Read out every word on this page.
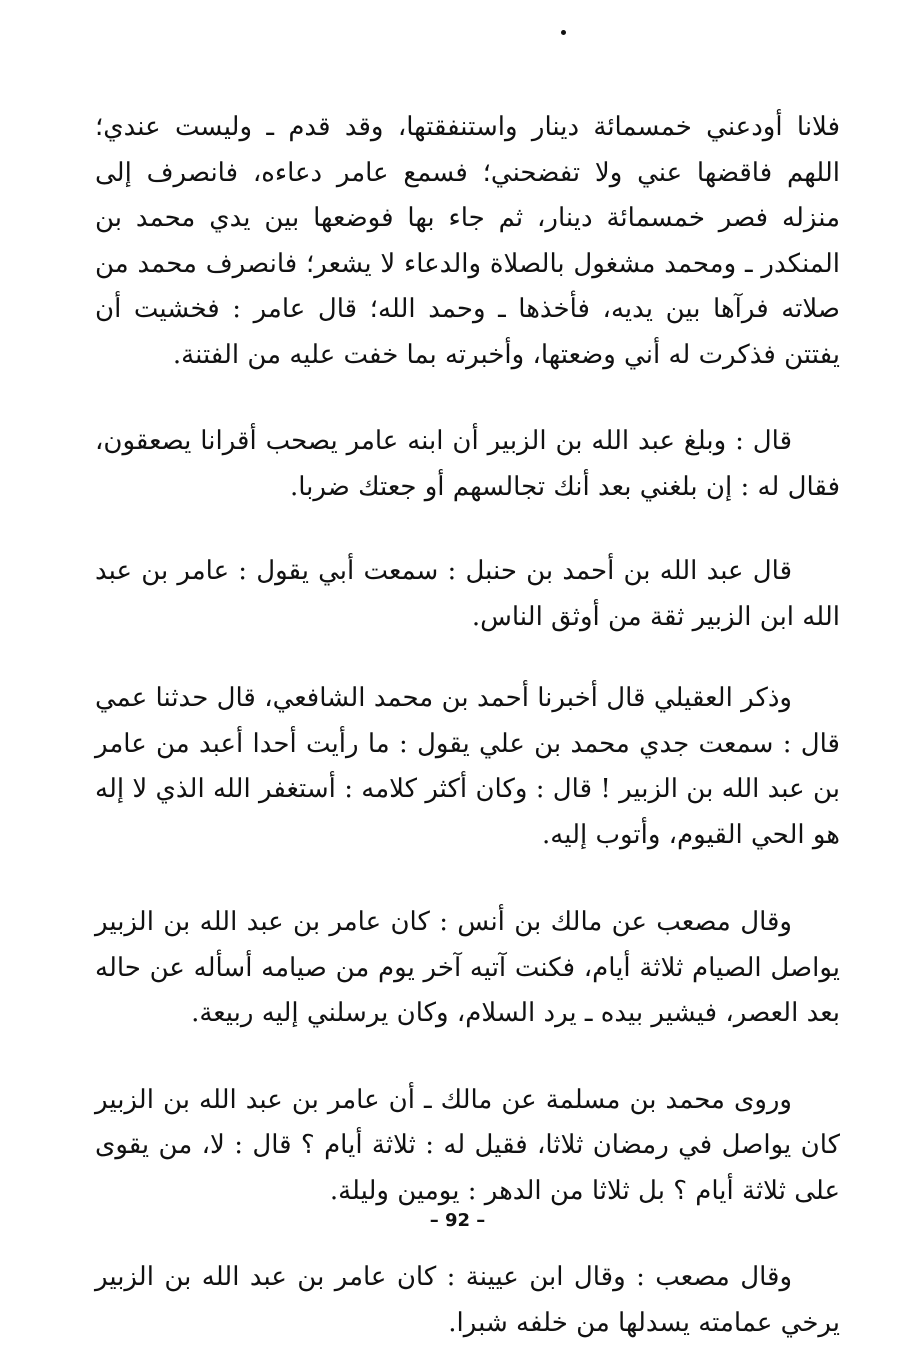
فلانا أودعني خمسمائة دينار واستنفقتها، وقد قدم ـ وليست عندي؛ اللهم فاقضها عني ولا تفضحني؛ فسمع عامر دعاءه، فانصرف إلى منزله فصر خمسمائة دينار، ثم جاء بها فوضعها بين يدي محمد بن المنكدر ـ ومحمد مشغول بالصلاة والدعاء لا يشعر؛ فانصرف محمد من صلاته فرآها بين يديه، فأخذها ـ وحمد الله؛ قال عامر : فخشيت أن يفتتن فذكرت له أني وضعتها، وأخبرته بما خفت عليه من الفتنة.

قال : وبلغ عبد الله بن الزبير أن ابنه عامر يصحب أقرانا يصعقون، فقال له : إن بلغني بعد أنك تجالسهم أو جعتك ضربا.

قال عبد الله بن أحمد بن حنبل : سمعت أبي يقول : عامر بن عبد الله ابن الزبير ثقة من أوثق الناس.

وذكر العقيلي قال أخبرنا أحمد بن محمد الشافعي، قال حدثنا عمي قال : سمعت جدي محمد بن علي يقول : ما رأيت أحدا أعبد من عامر بن عبد الله بن الزبير ! قال : وكان أكثر كلامه : أستغفر الله الذي لا إله هو الحي القيوم، وأتوب إليه.

وقال مصعب عن مالك بن أنس : كان عامر بن عبد الله بن الزبير يواصل الصيام ثلاثة أيام، فكنت آتيه آخر يوم من صيامه أسأله عن حاله بعد العصر، فيشير بيده ـ يرد السلام، وكان يرسلني إليه ربيعة.

وروى محمد بن مسلمة عن مالك ـ أن عامر بن عبد الله بن الزبير كان يواصل في رمضان ثلاثا، فقيل له : ثلاثة أيام ؟ قال : لا، من يقوى على ثلاثة أيام ؟ بل ثلاثا من الدهر : يومين وليلة.

وقال مصعب : وقال ابن عيينة : كان عامر بن عبد الله بن الزبير يرخي عمامته يسدلها من خلفه شبرا.

– 92 –
